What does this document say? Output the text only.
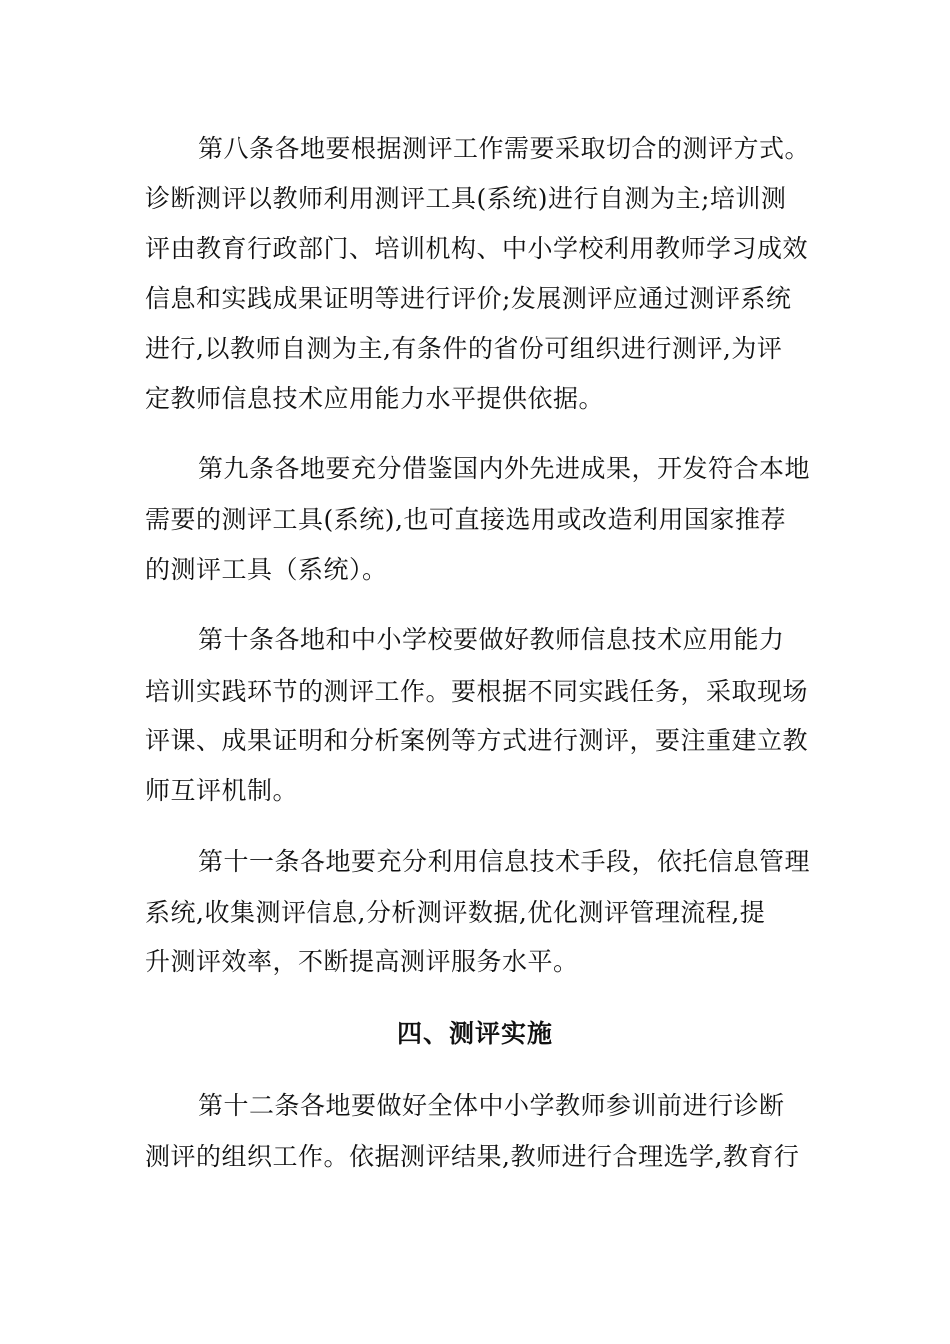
第八条各地要根据测评工作需要采取切合的测评方式。
诊断测评以教师利用测评工具(系统)进行自测为主;培训测
评由教育行政部门、培训机构、中小学校利用教师学习成效
信息和实践成果证明等进行评价;发展测评应通过测评系统
进行,以教师自测为主,有条件的省份可组织进行测评,为评
定教师信息技术应用能力水平提供依据。
第九条各地要充分借鉴国内外先进成果，开发符合本地
需要的测评工具(系统),也可直接选用或改造利用国家推荐
的测评工具（系统）。
第十条各地和中小学校要做好教师信息技术应用能力
培训实践环节的测评工作。要根据不同实践任务，采取现场
评课、成果证明和分析案例等方式进行测评，要注重建立教
师互评机制。
第十一条各地要充分利用信息技术手段，依托信息管理
系统,收集测评信息,分析测评数据,优化测评管理流程,提
升测评效率，不断提高测评服务水平。
四、测评实施
第十二条各地要做好全体中小学教师参训前进行诊断
测评的组织工作。依据测评结果,教师进行合理选学,教育行
